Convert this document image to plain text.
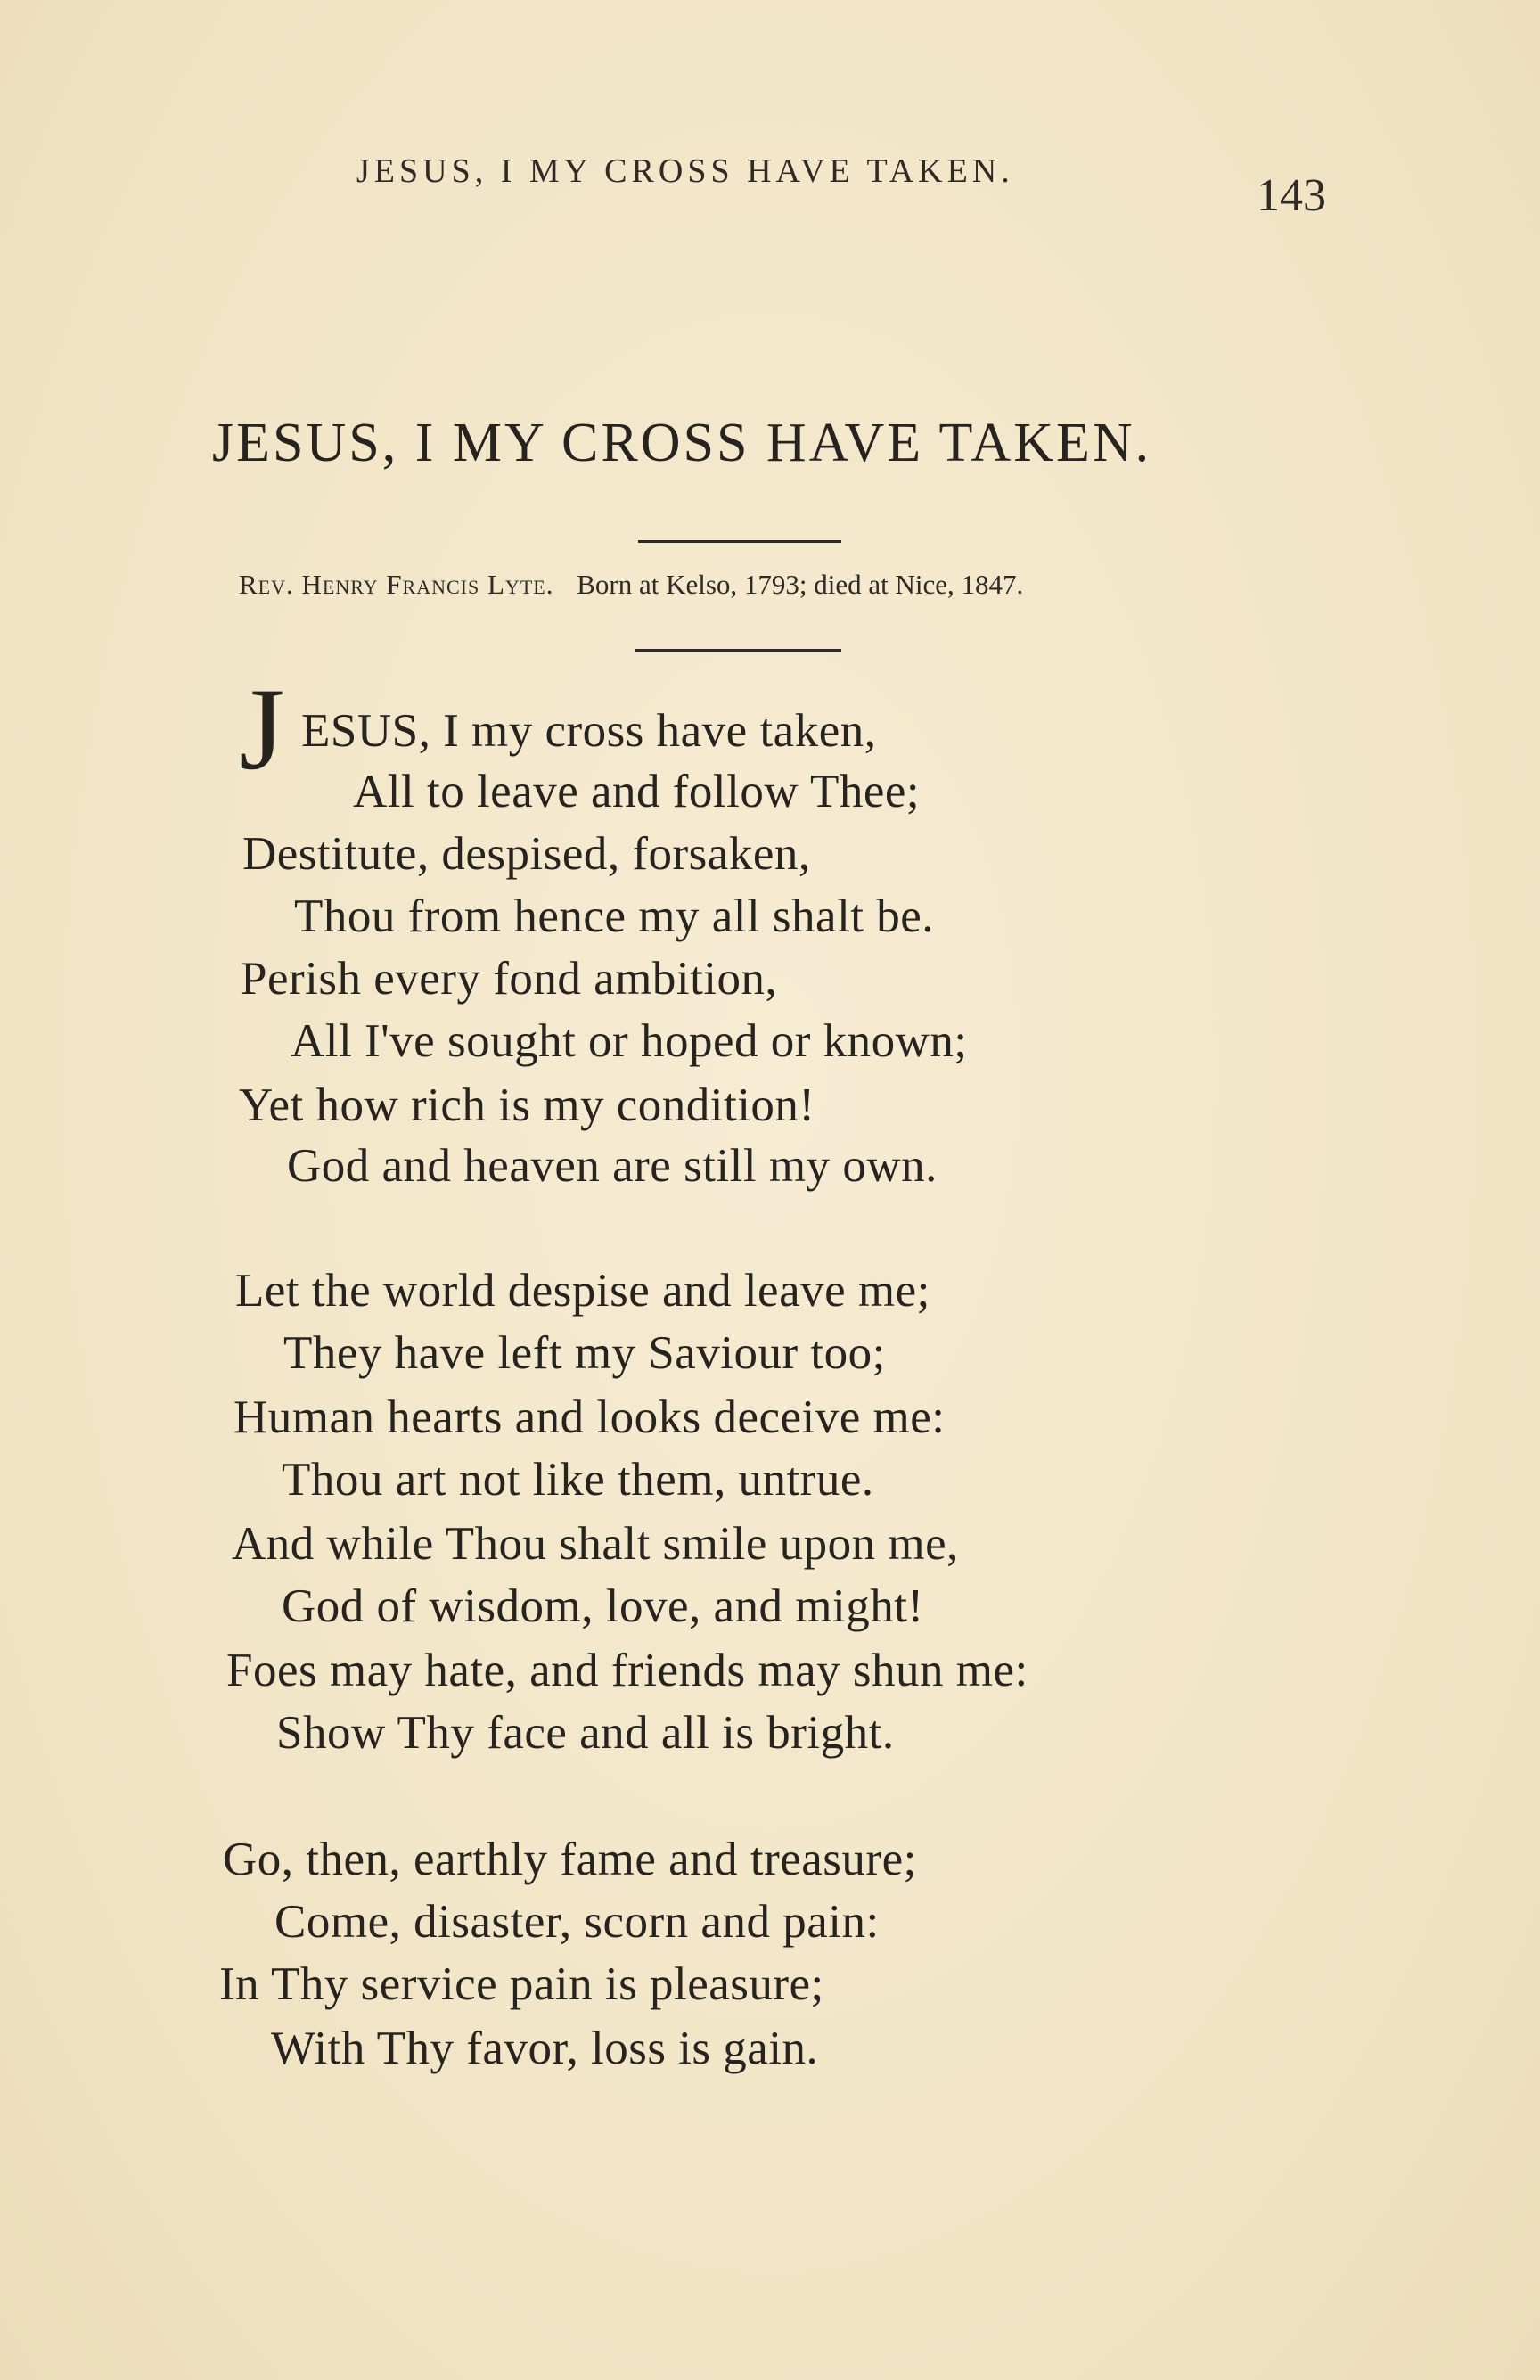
JESUS, I MY CROSS HAVE TAKEN.	143
JESUS, I MY CROSS HAVE TAKEN.
Rev. Henry Francis Lyte. Born at Kelso, 1793; died at Nice, 1847.
J ESUS, I my cross have taken,
All to leave and follow Thee;
Destitute, despised, forsaken,
Thou from hence my all shalt be.
Perish every fond ambition,
All I've sought or hoped or known;
Yet how rich is my condition!
God and heaven are still my own.
Let the world despise and leave me;
They have left my Saviour too;
Human hearts and looks deceive me:
Thou art not like them, untrue.
And while Thou shalt smile upon me,
God of wisdom, love, and might!
Foes may hate, and friends may shun me:
Show Thy face and all is bright.
Go, then, earthly fame and treasure;
Come, disaster, scorn and pain:
In Thy service pain is pleasure;
With Thy favor, loss is gain.
